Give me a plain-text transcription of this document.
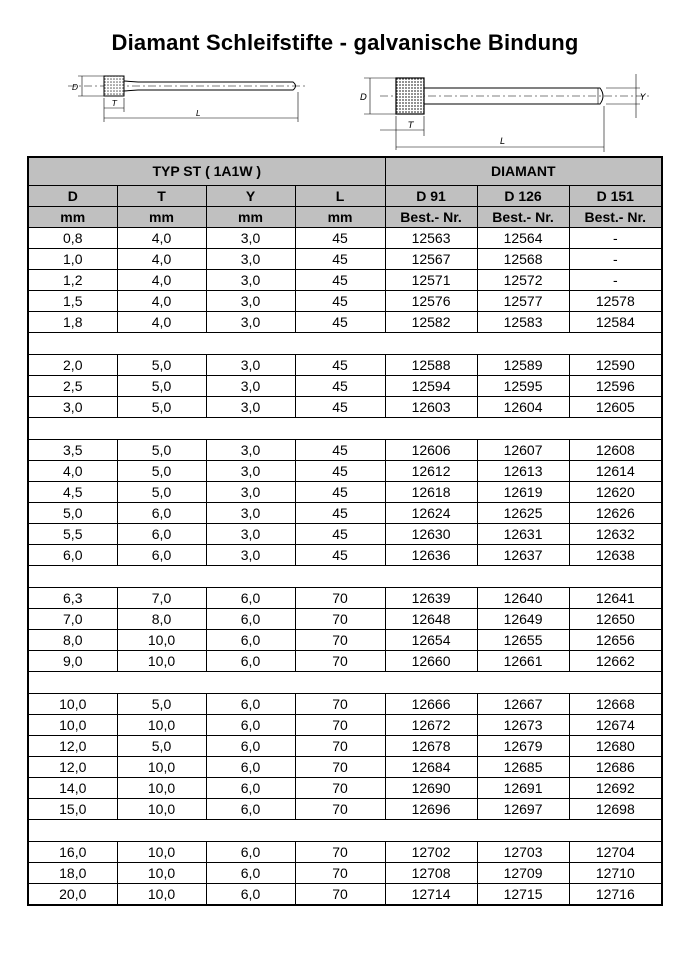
Diamant Schleifstifte - galvanische Bindung
D
T
L
D	Y
T
L
TYP ST ( 1A1W )				DIAMANT		
D	T	Y	L	D 91	D 126	D 151
mm	mm	mm	mm	Best.- Nr.	Best.- Nr.	Best.- Nr.
0,8	4,0	3,0	45	12563	12564	-
1,0	4,0	3,0	45	12567	12568	-
1,2	4,0	3,0	45	12571	12572	-
1,5	4,0	3,0	45	12576	12577	12578
1,8	4,0	3,0	45	12582	12583	12584

2,0	5,0	3,0	45	12588	12589	12590
2,5	5,0	3,0	45	12594	12595	12596
3,0	5,0	3,0	45	12603	12604	12605

3,5	5,0	3,0	45	12606	12607	12608
4,0	5,0	3,0	45	12612	12613	12614
4,5	5,0	3,0	45	12618	12619	12620
5,0	6,0	3,0	45	12624	12625	12626
5,5	6,0	3,0	45	12630	12631	12632
6,0	6,0	3,0	45	12636	12637	12638

6,3	7,0	6,0	70	12639	12640	12641
7,0	8,0	6,0	70	12648	12649	12650
8,0	10,0	6,0	70	12654	12655	12656
9,0	10,0	6,0	70	12660	12661	12662

10,0	5,0	6,0	70	12666	12667	12668
10,0	10,0	6,0	70	12672	12673	12674
12,0	5,0	6,0	70	12678	12679	12680
12,0	10,0	6,0	70	12684	12685	12686
14,0	10,0	6,0	70	12690	12691	12692
15,0	10,0	6,0	70	12696	12697	12698

16,0	10,0	6,0	70	12702	12703	12704
18,0	10,0	6,0	70	12708	12709	12710
20,0	10,0	6,0	70	12714	12715	12716
